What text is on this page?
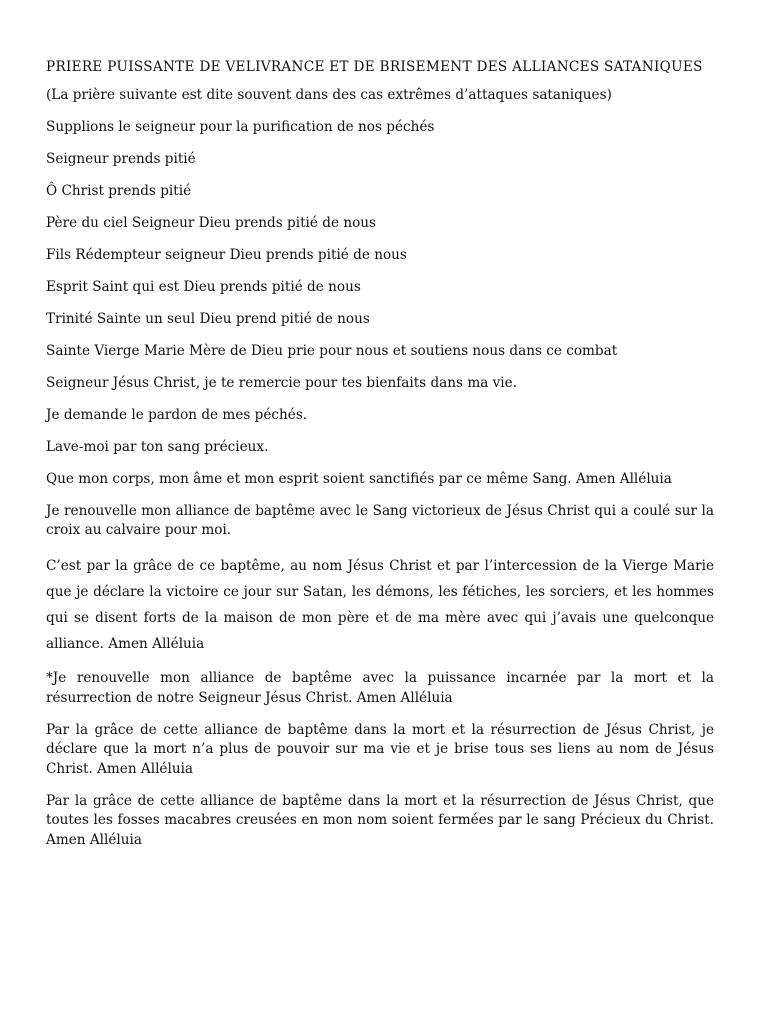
PRIERE PUISSANTE DE VELIVRANCE ET DE BRISEMENT DES ALLIANCES SATANIQUES

(La prière suivante est dite souvent dans des cas extrêmes d’attaques sataniques)

Supplions le seigneur pour la purification de nos péchés

Seigneur prends pitié

Ô Christ prends pitié

Père du ciel Seigneur Dieu prends pitié de nous

Fils Rédempteur seigneur Dieu prends pitié de nous

Esprit Saint qui est Dieu prends pitié de nous

Trinité Sainte un seul Dieu prend pitié de nous

Sainte Vierge Marie Mère de Dieu prie pour nous et soutiens nous dans ce combat

Seigneur Jésus Christ, je te remercie pour tes bienfaits dans ma vie.

Je demande le pardon de mes péchés.

Lave-moi par ton sang précieux.

Que mon corps, mon âme et mon esprit soient sanctifiés par ce même Sang. Amen Alléluia

Je renouvelle mon alliance de baptême avec le Sang victorieux de Jésus Christ qui a coulé sur la croix au calvaire pour moi.

C’est par la grâce de ce baptême, au nom Jésus Christ et par l’intercession de la Vierge Marie que je déclare la victoire ce jour sur Satan, les démons, les fétiches, les sorciers, et les hommes qui se disent forts de la maison de mon père et de ma mère avec qui j’avais une quelconque alliance. Amen Alléluia

*Je renouvelle mon alliance de baptême avec la puissance incarnée par la mort et la résurrection de notre Seigneur Jésus Christ. Amen Alléluia

Par la grâce de cette alliance de baptême dans la mort et la résurrection de Jésus Christ, je déclare que la mort n’a plus de pouvoir sur ma vie et je brise tous ses liens au nom de Jésus Christ. Amen Alléluia

Par la grâce de cette alliance de baptême dans la mort et la résurrection de Jésus Christ, que toutes les fosses macabres creusées en mon nom soient fermées par le sang Précieux du Christ. Amen Alléluia
